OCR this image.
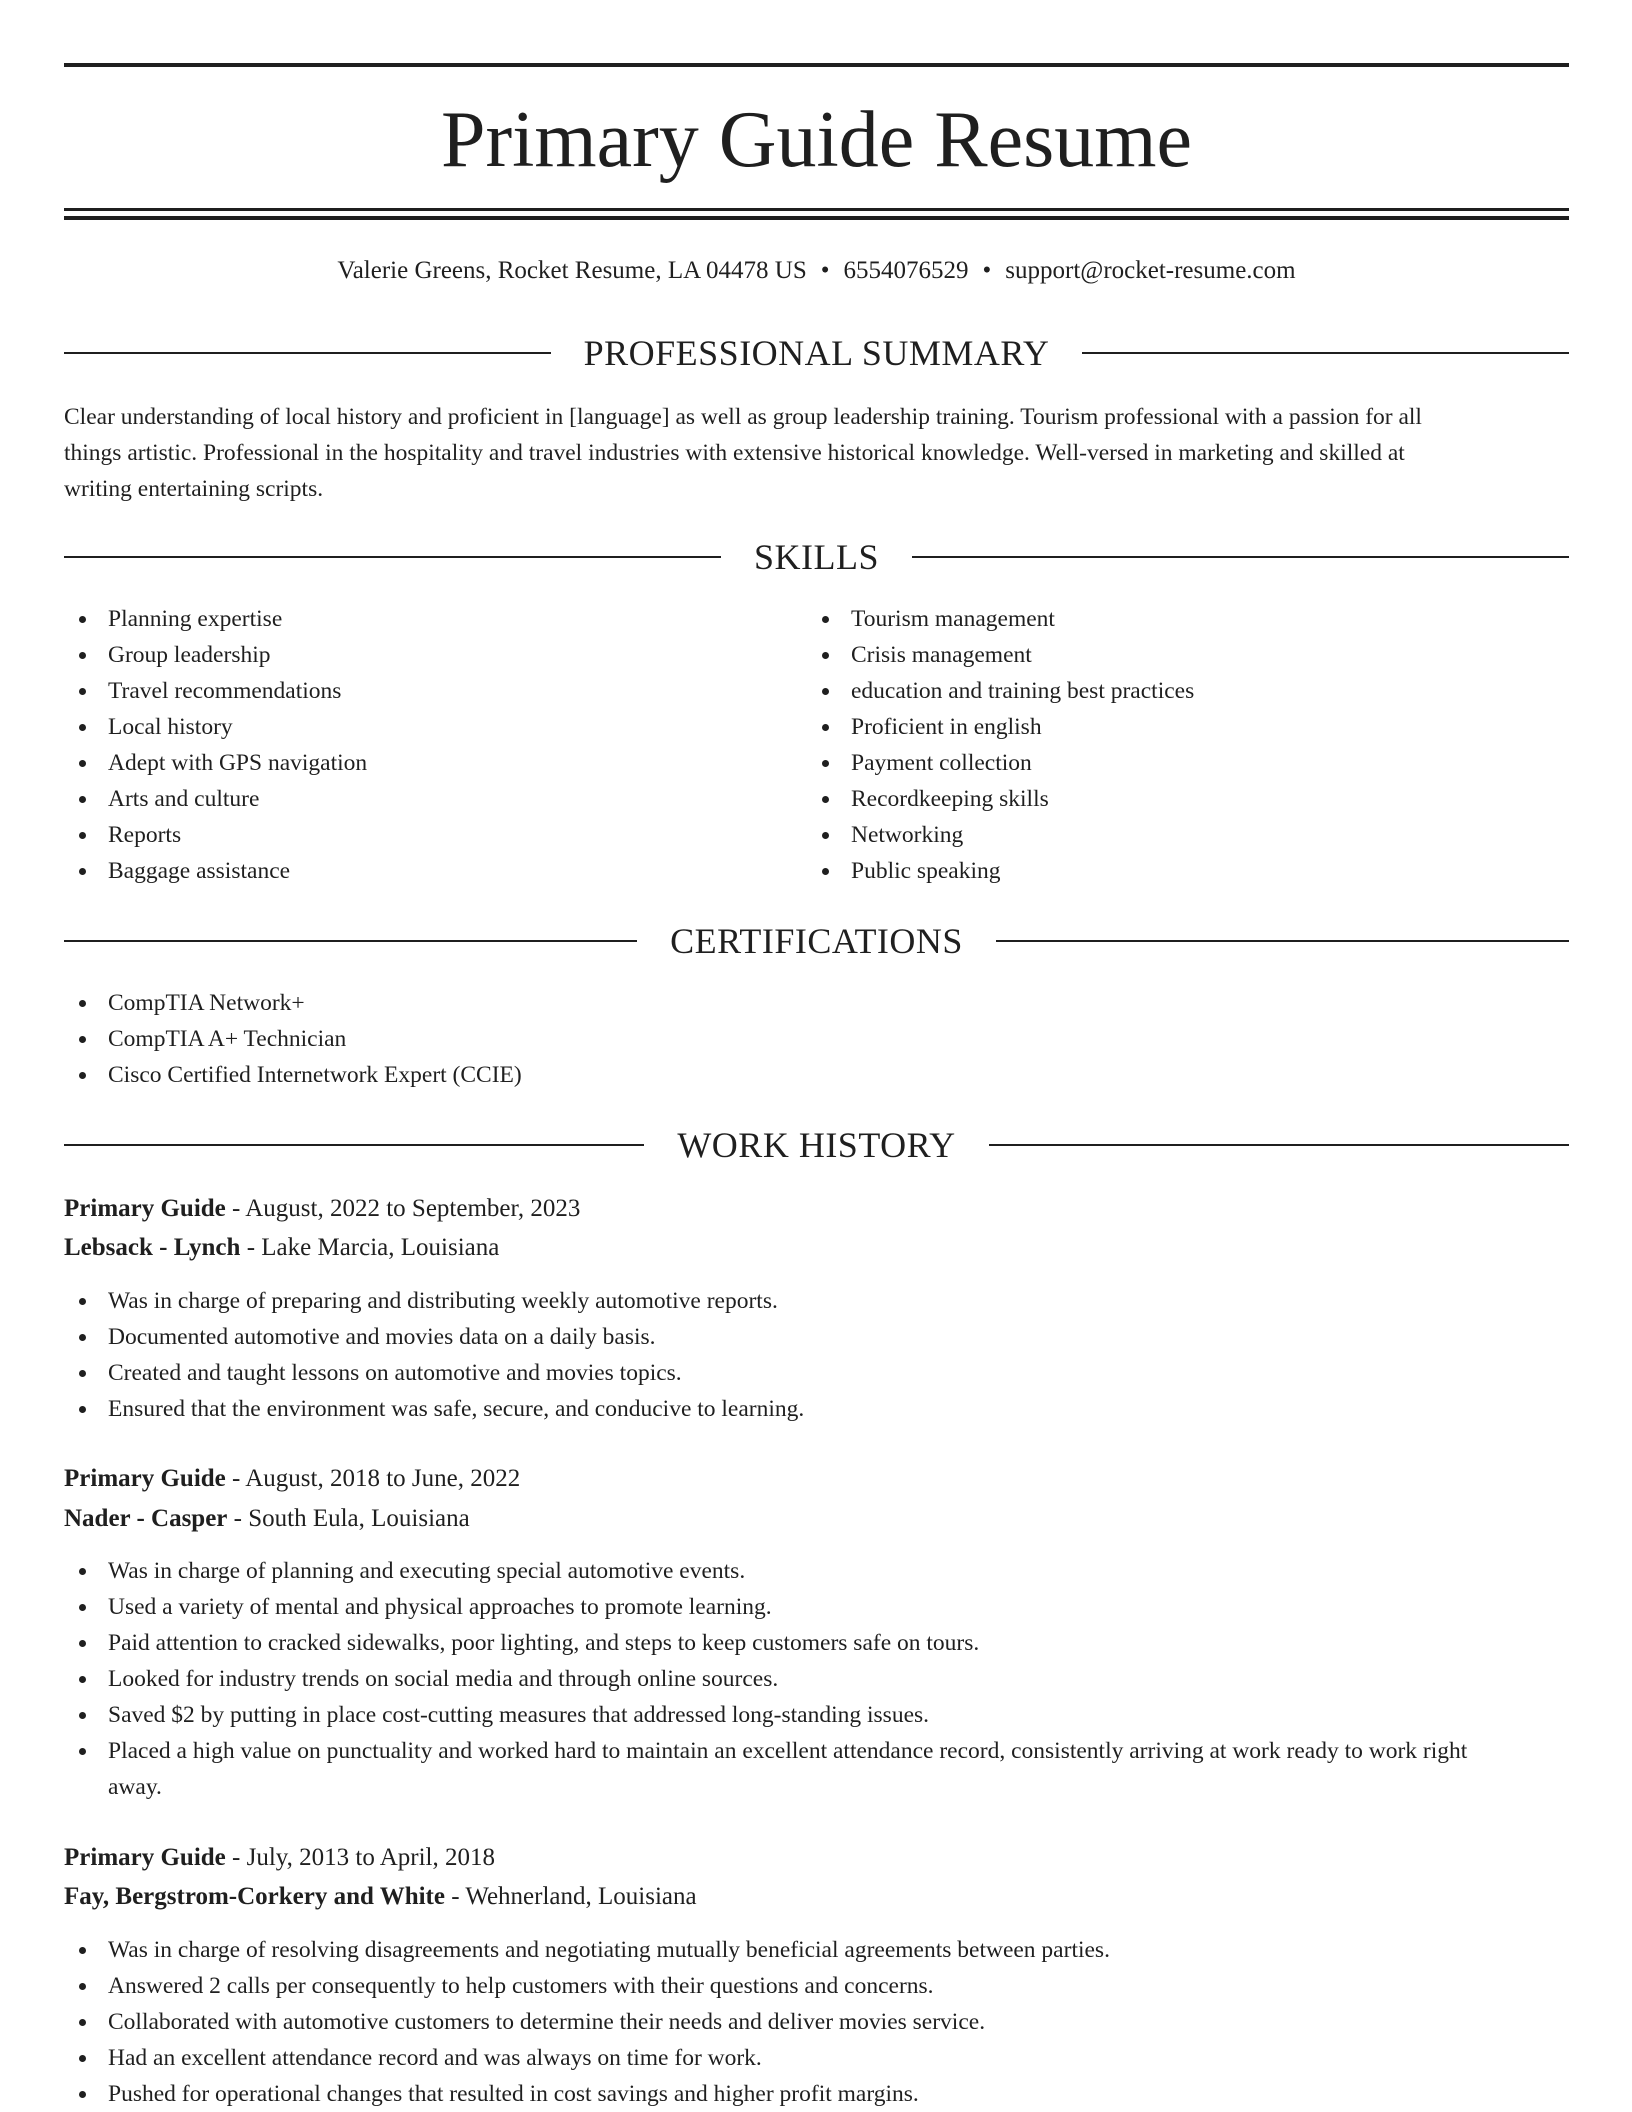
Primary Guide Resume
Valerie Greens, Rocket Resume, LA 04478 US • 6554076529 • support@rocket-resume.com
PROFESSIONAL SUMMARY
Clear understanding of local history and proficient in [language] as well as group leadership training. Tourism professional with a passion for all
things artistic. Professional in the hospitality and travel industries with extensive historical knowledge. Well-versed in marketing and skilled at
writing entertaining scripts.
SKILLS
Planning expertise
Group leadership
Travel recommendations
Local history
Adept with GPS navigation
Arts and culture
Reports
Baggage assistance
Tourism management
Crisis management
education and training best practices
Proficient in english
Payment collection
Recordkeeping skills
Networking
Public speaking
CERTIFICATIONS
CompTIA Network+
CompTIA A+ Technician
Cisco Certified Internetwork Expert (CCIE)
WORK HISTORY
Primary Guide - August, 2022 to September, 2023
Lebsack - Lynch - Lake Marcia, Louisiana
Was in charge of preparing and distributing weekly automotive reports.
Documented automotive and movies data on a daily basis.
Created and taught lessons on automotive and movies topics.
Ensured that the environment was safe, secure, and conducive to learning.
Primary Guide - August, 2018 to June, 2022
Nader - Casper - South Eula, Louisiana
Was in charge of planning and executing special automotive events.
Used a variety of mental and physical approaches to promote learning.
Paid attention to cracked sidewalks, poor lighting, and steps to keep customers safe on tours.
Looked for industry trends on social media and through online sources.
Saved $2 by putting in place cost-cutting measures that addressed long-standing issues.
Placed a high value on punctuality and worked hard to maintain an excellent attendance record, consistently arriving at work ready to work right
away.
Primary Guide - July, 2013 to April, 2018
Fay, Bergstrom-Corkery and White - Wehnerland, Louisiana
Was in charge of resolving disagreements and negotiating mutually beneficial agreements between parties.
Answered 2 calls per consequently to help customers with their questions and concerns.
Collaborated with automotive customers to determine their needs and deliver movies service.
Had an excellent attendance record and was always on time for work.
Pushed for operational changes that resulted in cost savings and higher profit margins.
